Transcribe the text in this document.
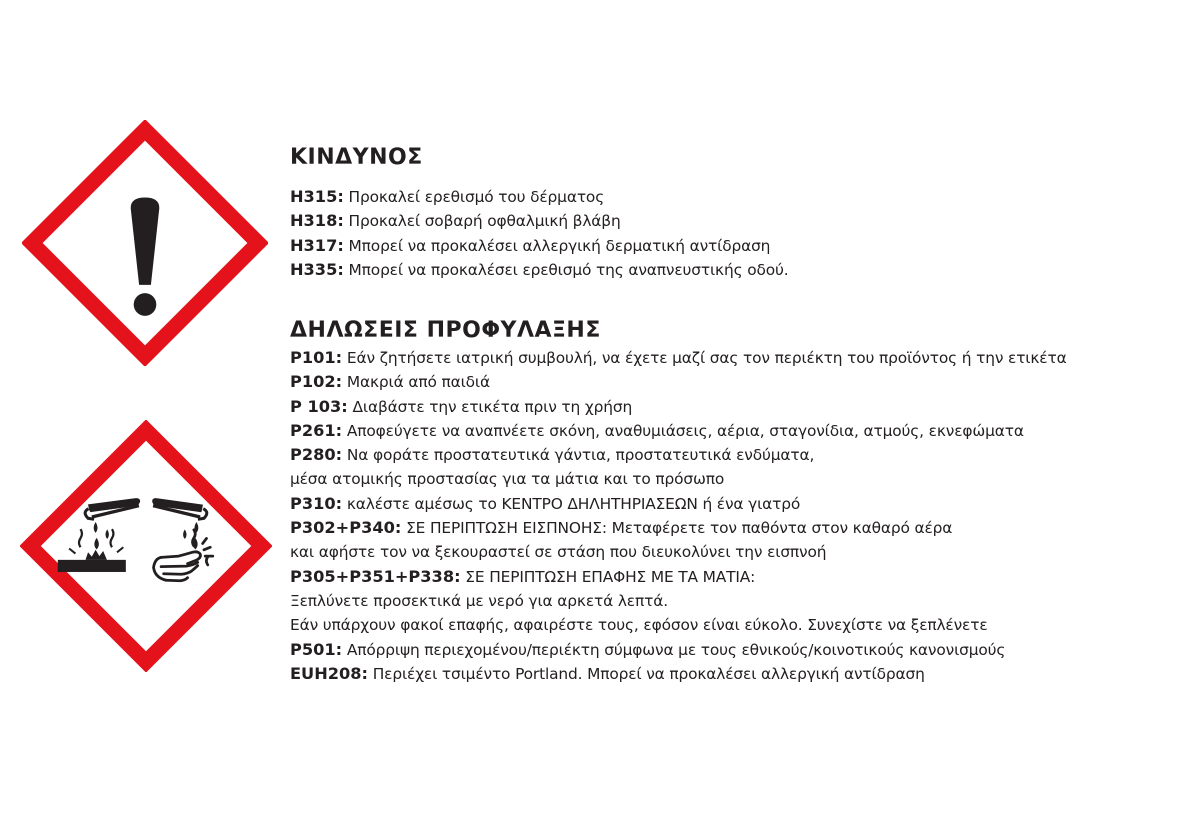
ΚΙΝΔΥΝΟΣ
H315: Προκαλεί ερεθισμό του δέρματος
H318: Προκαλεί σοβαρή οφθαλμική βλάβη
H317: Μπορεί να προκαλέσει αλλεργική δερματική αντίδραση
H335: Μπορεί να προκαλέσει ερεθισμό της αναπνευστικής οδού.
ΔΗΛΩΣΕΙΣ ΠΡΟΦΥΛΑΞΗΣ
P101: Εάν ζητήσετε ιατρική συμβουλή, να έχετε μαζί σας τον περιέκτη του προϊόντος ή την ετικέτα
P102: Μακριά από παιδιά
P 103: Διαβάστε την ετικέτα πριν τη χρήση
P261: Αποφεύγετε να αναπνέετε σκόνη, αναθυμιάσεις, αέρια, σταγονίδια, ατμούς, εκνεφώματα
P280: Να φοράτε προστατευτικά γάντια, προστατευτικά ενδύματα,
μέσα ατομικής προστασίας για τα μάτια και το πρόσωπο
P310: καλέστε αμέσως το ΚΕΝΤΡΟ ΔΗΛΗΤΗΡΙΑΣΕΩΝ ή ένα γιατρό
P302+P340: ΣΕ ΠΕΡΙΠΤΩΣΗ ΕΙΣΠΝΟΗΣ: Μεταφέρετε τον παθόντα στον καθαρό αέρα
και αφήστε τον να ξεκουραστεί σε στάση που διευκολύνει την εισπνοή
P305+P351+P338: ΣΕ ΠΕΡΙΠΤΩΣΗ ΕΠΑΦΗΣ ΜΕ ΤΑ ΜΑΤΙΑ:
Ξεπλύνετε προσεκτικά με νερό για αρκετά λεπτά.
Εάν υπάρχουν φακοί επαφής, αφαιρέστε τους, εφόσον είναι εύκολο. Συνεχίστε να ξεπλένετε
P501: Απόρριψη περιεχομένου/περιέκτη σύμφωνα με τους εθνικούς/κοινοτικούς κανονισμούς
EUH208: Περιέχει τσιμέντο Portland. Μπορεί να προκαλέσει αλλεργική αντίδραση
